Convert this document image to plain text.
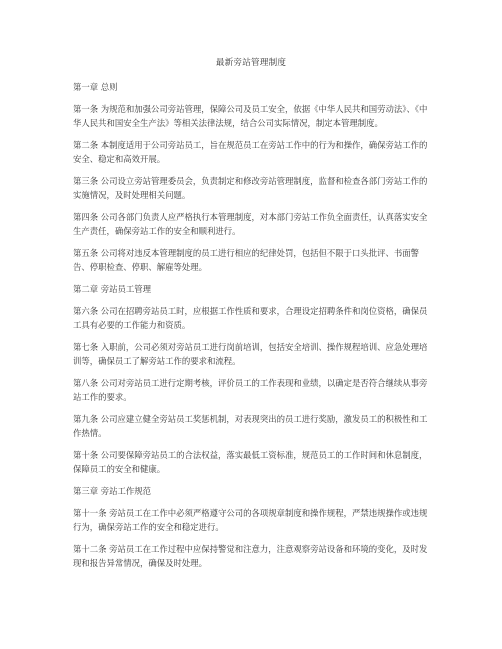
最新旁站管理制度
第一章 总则
第一条 为规范和加强公司旁站管理，保障公司及员工安全，依据《中华人民共和国劳动法》、《中华人民共和国安全生产法》等相关法律法规，结合公司实际情况，制定本管理制度。
第二条 本制度适用于公司旁站员工，旨在规范员工在旁站工作中的行为和操作，确保旁站工作的安全、稳定和高效开展。
第三条 公司设立旁站管理委员会，负责制定和修改旁站管理制度，监督和检查各部门旁站工作的实施情况，及时处理相关问题。
第四条 公司各部门负责人应严格执行本管理制度，对本部门旁站工作负全面责任，认真落实安全生产责任，确保旁站工作的安全和顺利进行。
第五条 公司将对违反本管理制度的员工进行相应的纪律处罚，包括但不限于口头批评、书面警告、停职检查、停职、解雇等处理。
第二章 旁站员工管理
第六条 公司在招聘旁站员工时，应根据工作性质和要求，合理设定招聘条件和岗位资格，确保员工具有必要的工作能力和资质。
第七条 入职前，公司必须对旁站员工进行岗前培训，包括安全培训、操作规程培训、应急处理培训等，确保员工了解旁站工作的要求和流程。
第八条 公司对旁站员工进行定期考核，评价员工的工作表现和业绩，以确定是否符合继续从事旁站工作的要求。
第九条 公司应建立健全旁站员工奖惩机制，对表现突出的员工进行奖励，激发员工的积极性和工作热情。
第十条 公司要保障旁站员工的合法权益，落实最低工资标准，规范员工的工作时间和休息制度，保障员工的安全和健康。
第三章 旁站工作规范
第十一条 旁站员工在工作中必须严格遵守公司的各项规章制度和操作规程，严禁违规操作或违规行为，确保旁站工作的安全和稳定进行。
第十二条 旁站员工在工作过程中应保持警觉和注意力，注意观察旁站设备和环境的变化，及时发现和报告异常情况，确保及时处理。
